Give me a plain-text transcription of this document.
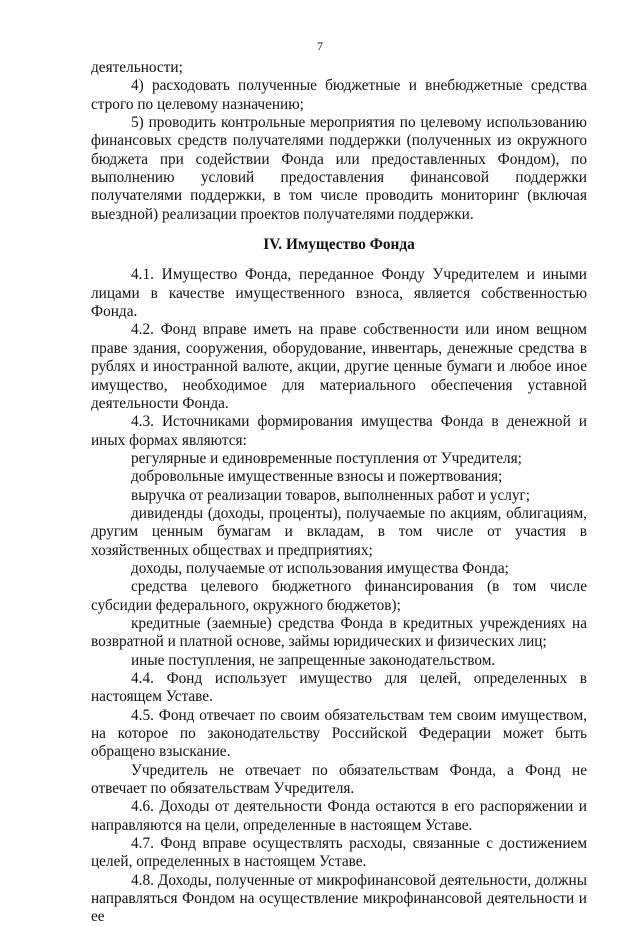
7

деятельности;

4) расходовать полученные бюджетные и внебюджетные средства строго по целевому назначению;

5) проводить контрольные мероприятия по целевому использованию финансовых средств получателями поддержки (полученных из окружного бюджета при содействии Фонда или предоставленных Фондом), по выполнению условий предоставления финансовой поддержки получателями поддержки, в том числе проводить мониторинг (включая выездной) реализации проектов получателями поддержки.

IV. Имущество Фонда

4.1. Имущество Фонда, переданное Фонду Учредителем и иными лицами в качестве имущественного взноса, является собственностью Фонда.

4.2. Фонд вправе иметь на праве собственности или ином вещном праве здания, сооружения, оборудование, инвентарь, денежные средства в рублях и иностранной валюте, акции, другие ценные бумаги и любое иное имущество, необходимое для материального обеспечения уставной деятельности Фонда.

4.3. Источниками формирования имущества Фонда в денежной и иных формах являются:

регулярные и единовременные поступления от Учредителя;

добровольные имущественные взносы и пожертвования;

выручка от реализации товаров, выполненных работ и услуг;

дивиденды (доходы, проценты), получаемые по акциям, облигациям, другим ценным бумагам и вкладам, в том числе от участия в хозяйственных обществах и предприятиях;

доходы, получаемые от использования имущества Фонда;

средства целевого бюджетного финансирования (в том числе субсидии федерального, окружного бюджетов);

кредитные (заемные) средства Фонда в кредитных учреждениях на возвратной и платной основе, займы юридических и физических лиц;

иные поступления, не запрещенные законодательством.

4.4. Фонд использует имущество для целей, определенных в настоящем Уставе.

4.5. Фонд отвечает по своим обязательствам тем своим имуществом, на которое по законодательству Российской Федерации может быть обращено взыскание.

Учредитель не отвечает по обязательствам Фонда, а Фонд не отвечает по обязательствам Учредителя.

4.6. Доходы от деятельности Фонда остаются в его распоряжении и направляются на цели, определенные в настоящем Уставе.

4.7. Фонд вправе осуществлять расходы, связанные с достижением целей, определенных в настоящем Уставе.

4.8. Доходы, полученные от микрофинансовой деятельности, должны направляться Фондом на осуществление микрофинансовой деятельности и ее
